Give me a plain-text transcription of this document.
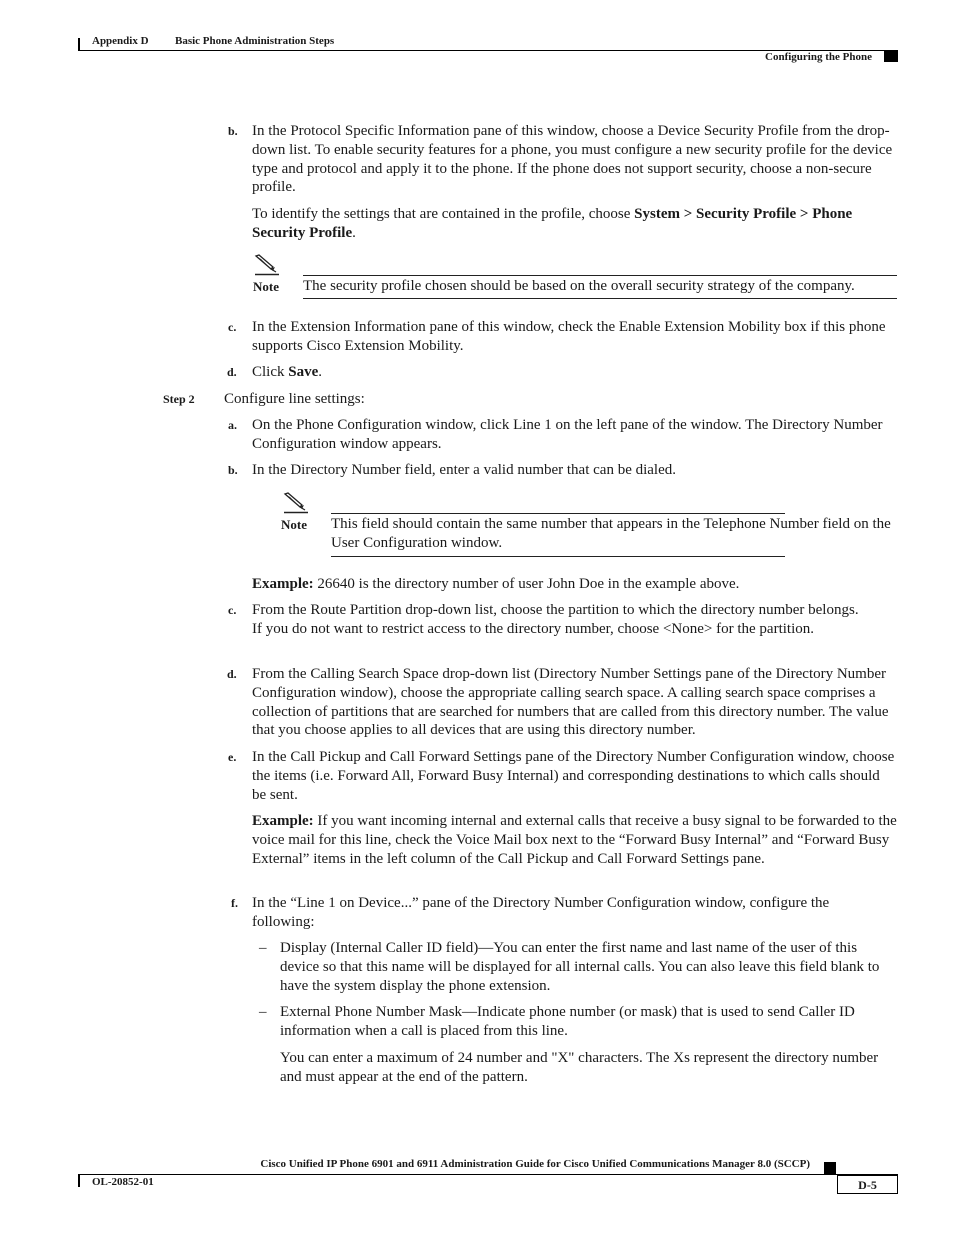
Appendix D Basic Phone Administration Steps
Configuring the Phone
b. In the Protocol Specific Information pane of this window, choose a Device Security Profile from the drop-down list. To enable security features for a phone, you must configure a new security profile for the device type and protocol and apply it to the phone. If the phone does not support security, choose a non-secure profile.
To identify the settings that are contained in the profile, choose System > Security Profile > Phone Security Profile.
Note The security profile chosen should be based on the overall security strategy of the company.
c. In the Extension Information pane of this window, check the Enable Extension Mobility box if this phone supports Cisco Extension Mobility.
d. Click Save.
Step 2 Configure line settings:
a. On the Phone Configuration window, click Line 1 on the left pane of the window. The Directory Number Configuration window appears.
b. In the Directory Number field, enter a valid number that can be dialed.
Note This field should contain the same number that appears in the Telephone Number field on the User Configuration window.
Example: 26640 is the directory number of user John Doe in the example above.
c. From the Route Partition drop-down list, choose the partition to which the directory number belongs. If you do not want to restrict access to the directory number, choose <None> for the partition.
d. From the Calling Search Space drop-down list (Directory Number Settings pane of the Directory Number Configuration window), choose the appropriate calling search space. A calling search space comprises a collection of partitions that are searched for numbers that are called from this directory number. The value that you choose applies to all devices that are using this directory number.
e. In the Call Pickup and Call Forward Settings pane of the Directory Number Configuration window, choose the items (i.e. Forward All, Forward Busy Internal) and corresponding destinations to which calls should be sent.
Example: If you want incoming internal and external calls that receive a busy signal to be forwarded to the voice mail for this line, check the Voice Mail box next to the “Forward Busy Internal” and “Forward Busy External” items in the left column of the Call Pickup and Call Forward Settings pane.
f. In the “Line 1 on Device...” pane of the Directory Number Configuration window, configure the following:
– Display (Internal Caller ID field)—You can enter the first name and last name of the user of this device so that this name will be displayed for all internal calls. You can also leave this field blank to have the system display the phone extension.
– External Phone Number Mask—Indicate phone number (or mask) that is used to send Caller ID information when a call is placed from this line.
You can enter a maximum of 24 number and "X" characters. The Xs represent the directory number and must appear at the end of the pattern.
Cisco Unified IP Phone 6901 and 6911 Administration Guide for Cisco Unified Communications Manager 8.0 (SCCP)
OL-20852-01	D-5
